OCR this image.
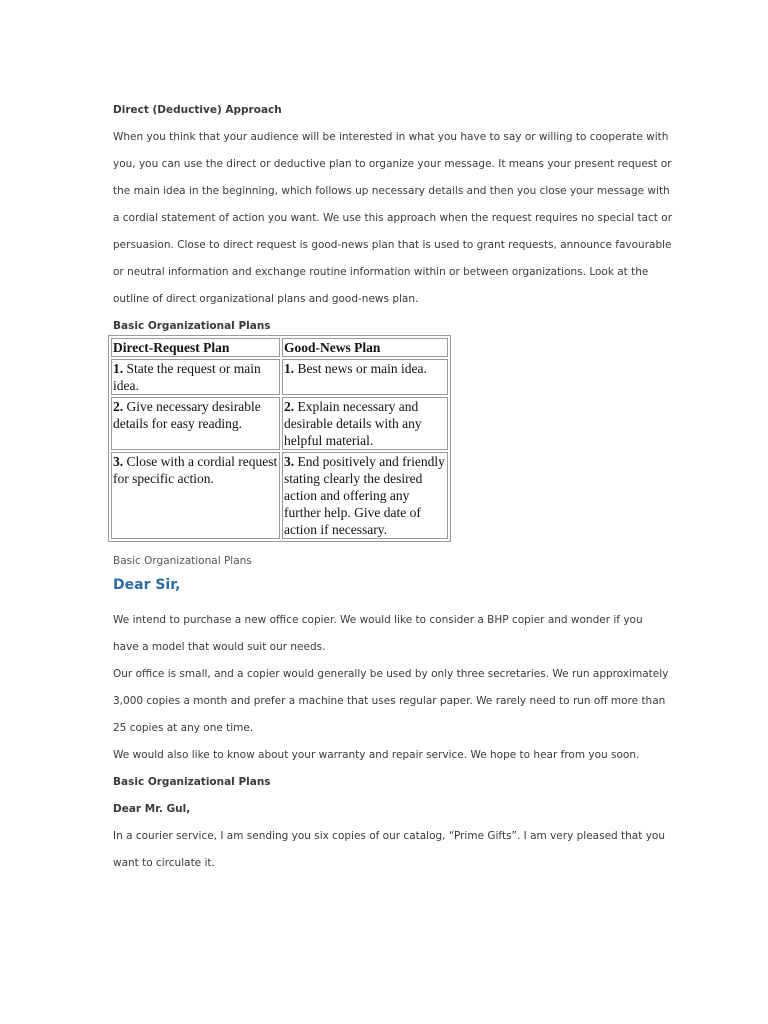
Direct (Deductive) Approach
When you think that your audience will be interested in what you have to say or willing to cooperate with
you, you can use the direct or deductive plan to organize your message. It means your present request or
the main idea in the beginning, which follows up necessary details and then you close your message with
a cordial statement of action you want. We use this approach when the request requires no special tact or
persuasion. Close to direct request is good-news plan that is used to grant requests, announce favourable
or neutral information and exchange routine information within or between organizations. Look at the
outline of direct organizational plans and good-news plan.
Basic Organizational Plans
Direct-Request Plan	Good-News Plan
1. State the request or main idea.	1. Best news or main idea.
2. Give necessary desirable details for easy reading.	2. Explain necessary and desirable details with any helpful material.
3. Close with a cordial request for specific action.	3. End positively and friendly stating clearly the desired action and offering any further help. Give date of action if necessary.
Basic Organizational Plans
Dear Sir,
We intend to purchase a new office copier. We would like to consider a BHP copier and wonder if you
have a model that would suit our needs.
Our office is small, and a copier would generally be used by only three secretaries. We run approximately
3,000 copies a month and prefer a machine that uses regular paper. We rarely need to run off more than
25 copies at any one time.
We would also like to know about your warranty and repair service. We hope to hear from you soon.
Basic Organizational Plans
Dear Mr. Gul,
In a courier service, I am sending you six copies of our catalog, “Prime Gifts”. I am very pleased that you
want to circulate it.
